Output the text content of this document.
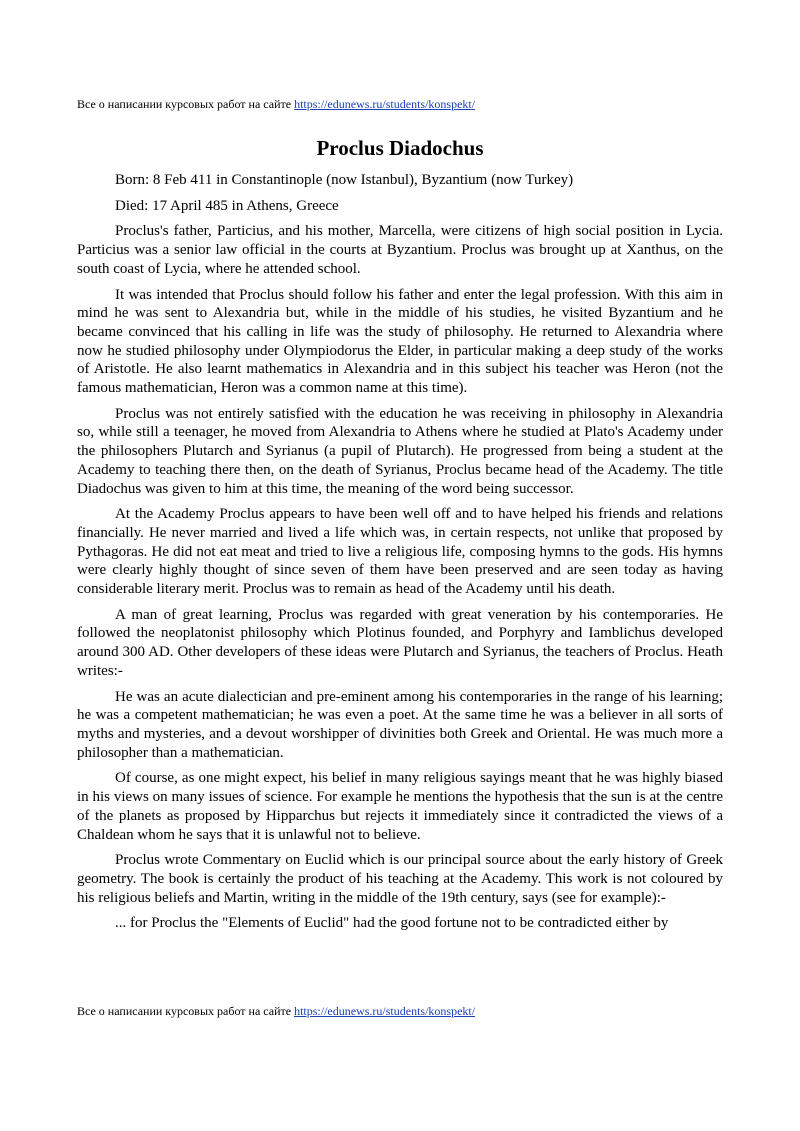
Все о написании курсовых работ на сайте https://edunews.ru/students/konspekt/
Proclus Diadochus

Born: 8 Feb 411 in Constantinople (now Istanbul), Byzantium (now Turkey)

Died: 17 April 485 in Athens, Greece

Proclus's father, Particius, and his mother, Marcella, were citizens of high social position in Lycia. Particius was a senior law official in the courts at Byzantium. Proclus was brought up at Xanthus, on the south coast of Lycia, where he attended school.

It was intended that Proclus should follow his father and enter the legal profession. With this aim in mind he was sent to Alexandria but, while in the middle of his studies, he visited Byzantium and he became convinced that his calling in life was the study of philosophy. He returned to Alexandria where now he studied philosophy under Olympiodorus the Elder, in particular making a deep study of the works of Aristotle. He also learnt mathematics in Alexandria and in this subject his teacher was Heron (not the famous mathematician, Heron was a common name at this time).

Proclus was not entirely satisfied with the education he was receiving in philosophy in Alexandria so, while still a teenager, he moved from Alexandria to Athens where he studied at Plato's Academy under the philosophers Plutarch and Syrianus (a pupil of Plutarch). He progressed from being a student at the Academy to teaching there then, on the death of Syrianus, Proclus became head of the Academy. The title Diadochus was given to him at this time, the meaning of the word being successor.

At the Academy Proclus appears to have been well off and to have helped his friends and relations financially. He never married and lived a life which was, in certain respects, not unlike that proposed by Pythagoras. He did not eat meat and tried to live a religious life, composing hymns to the gods. His hymns were clearly highly thought of since seven of them have been preserved and are seen today as having considerable literary merit. Proclus was to remain as head of the Academy until his death.

A man of great learning, Proclus was regarded with great veneration by his contemporaries. He followed the neoplatonist philosophy which Plotinus founded, and Porphyry and Iamblichus developed around 300 AD. Other developers of these ideas were Plutarch and Syrianus, the teachers of Proclus. Heath writes:-

He was an acute dialectician and pre-eminent among his contemporaries in the range of his learning; he was a competent mathematician; he was even a poet. At the same time he was a believer in all sorts of myths and mysteries, and a devout worshipper of divinities both Greek and Oriental. He was much more a philosopher than a mathematician.

Of course, as one might expect, his belief in many religious sayings meant that he was highly biased in his views on many issues of science. For example he mentions the hypothesis that the sun is at the centre of the planets as proposed by Hipparchus but rejects it immediately since it contradicted the views of a Chaldean whom he says that it is unlawful not to believe.

Proclus wrote Commentary on Euclid which is our principal source about the early history of Greek geometry. The book is certainly the product of his teaching at the Academy. This work is not coloured by his religious beliefs and Martin, writing in the middle of the 19th century, says (see for example):-

... for Proclus the "Elements of Euclid" had the good fortune not to be contradicted either by

Все о написании курсовых работ на сайте https://edunews.ru/students/konspekt/
